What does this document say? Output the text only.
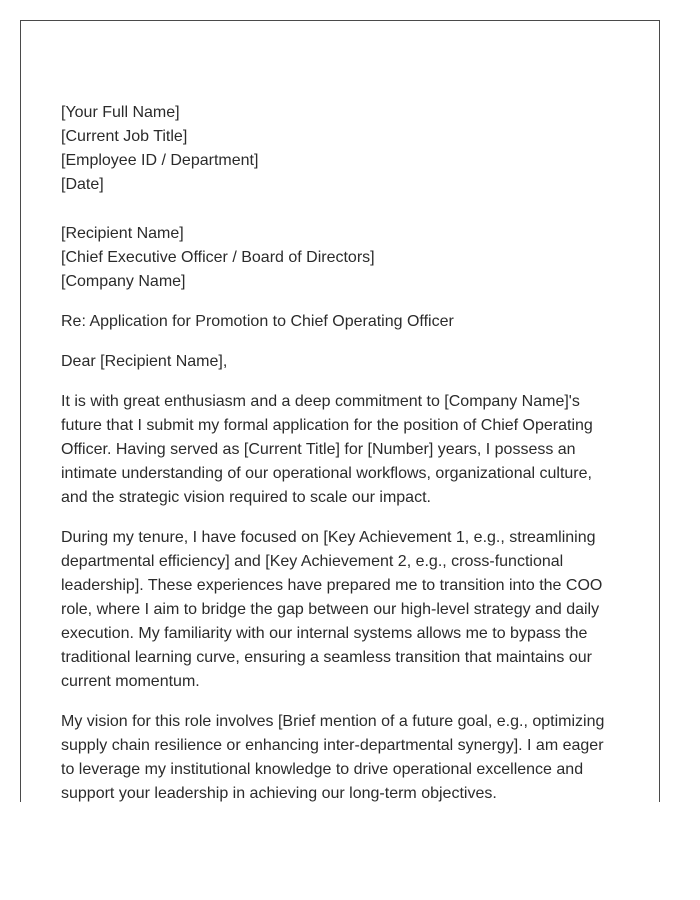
[Your Full Name]
[Current Job Title]
[Employee ID / Department]
[Date]
[Recipient Name]
[Chief Executive Officer / Board of Directors]
[Company Name]

Re: Application for Promotion to Chief Operating Officer

Dear [Recipient Name],

It is with great enthusiasm and a deep commitment to [Company Name]'s future that I submit my formal application for the position of Chief Operating Officer. Having served as [Current Title] for [Number] years, I possess an intimate understanding of our operational workflows, organizational culture, and the strategic vision required to scale our impact.

During my tenure, I have focused on [Key Achievement 1, e.g., streamlining departmental efficiency] and [Key Achievement 2, e.g., cross-functional leadership]. These experiences have prepared me to transition into the COO role, where I aim to bridge the gap between our high-level strategy and daily execution. My familiarity with our internal systems allows me to bypass the traditional learning curve, ensuring a seamless transition that maintains our current momentum.

My vision for this role involves [Brief mention of a future goal, e.g., optimizing supply chain resilience or enhancing inter-departmental synergy]. I am eager to leverage my institutional knowledge to drive operational excellence and support your leadership in achieving our long-term objectives.
